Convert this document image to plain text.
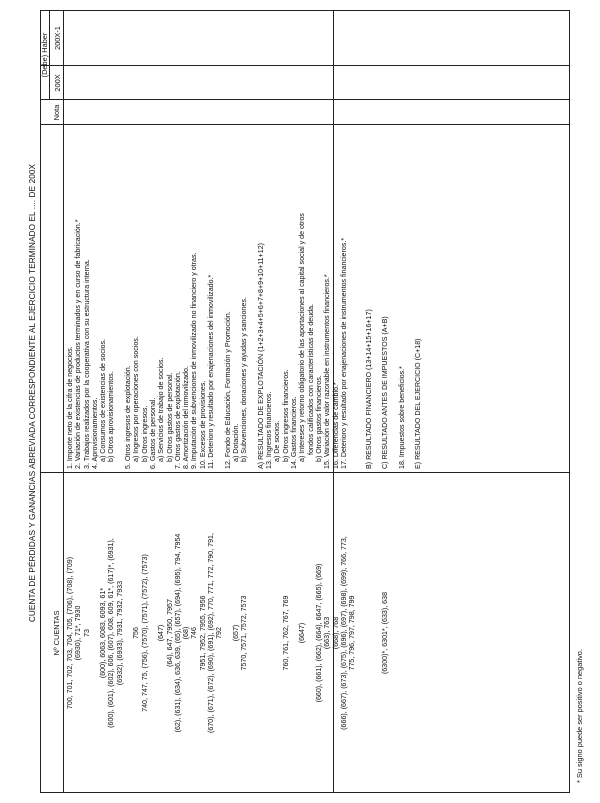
CUENTA DE PÉRDIDAS Y GANANCIAS ABREVIADA CORRESPONDIENTE AL EJERCICIO TERMINADO EL .... DE 200X
Nº CUENTAS
Nota
(Debe) Haber
200X
200X-1
700, 701, 702, 703, 704, 705, (706), (708), (709) (6930), 71*, 7930 73
(600), 6063, 6083, 6093, 61* (600), (601), (602), 606, (607), 608, 609, 61*, (617)*, (6931), (6932), (6933), 7931, 7932, 7933
756 740, 747, 75, (756), (7570), (7571), (7572), (7573)
(647) (64), 647, 7950, 7957 (62), (631), (634), 636, 639, (65), (657), (694), (695), 794, 7954 (68) 746 7951, 7952, 7955, 7956 (670), (671), (672), (690), (691), (692), 770, 771, 772, 790, 791, 792
(657) 7570, 7571, 7572, 7573

	760, 761, 762, 767, 769
(6647)
(660), (661), (662), (664), 6647, (665), (669) (663), 763 (668), 768 (666), (667), (673), (675), (696), (697), (698), (699), 766, 773, 775, 796, 797, 798, 799

	(6300)*, 6301*, (633), 638
1. Importe neto de la cifra de negocios. 2. Variación de existencias de productos terminados y en curso de fabricación.* 3. Trabajos realizados por la cooperativa con su estructura interna. 4. Aprovisionamientos. a) Consumos de existencias de socios. b) Otros aprovisionamientos.
5. Otros ingresos de explotación. a) Ingresos por operaciones con socios. b) Otros ingresos. 6. Gastos de personal. a) Servicios de trabajo de socios. b) Otros gastos de personal. 7. Otros gastos de explotación. 8. Amortización del inmovilizado. 9. Imputación de subvenciones de inmovilizado no financiero y otras. 10. Excesos de provisiones. 11. Deterioro y resultado por enajenaciones del inmovilizado.*
12. Fondo de Educación, Formación y Promoción. a) Dotación. b) Subvenciones, donaciones y ayudas y sanciones.
A) RESULTADO DE EXPLOTACIÓN (1+2+3+4+5+6+7+8+9+10+11+12) 13. Ingresos financieros. a) De socios. b) Otros ingresos financieros. 14. Gastos financieros. a) Intereses y retorno obligatorio de las aportaciones al capital social y de otros fondos calificados con características de deuda. b) Otros gastos financieros. 15. Variación de valor razonable en instrumentos financieros.* 16. Diferencias de cambio.* 17. Deterioro y resultado por enajenaciones de instrumentos financieros.*

B) RESULTADO FINANCIERO (13+14+15+16+17)
C) RESULTADO ANTES DE IMPUESTOS (A+B)
18. Impuestos sobre beneficios.*
E) RESULTADO DEL EJERCICIO (C+18)
* Su signo puede ser positivo o negativo.
